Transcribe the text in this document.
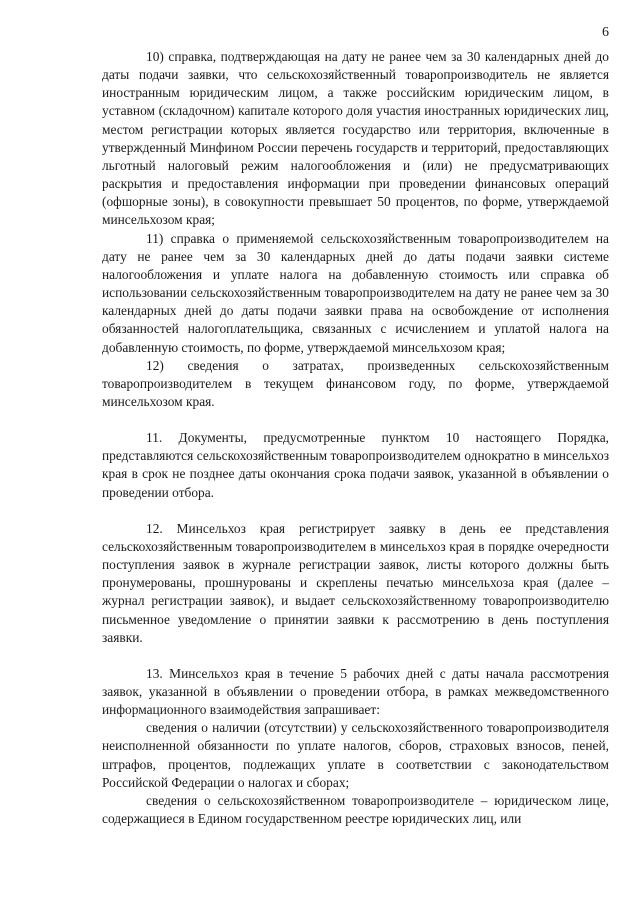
6

10) справка, подтверждающая на дату не ранее чем за 30 календарных дней до даты подачи заявки, что сельскохозяйственный товаропроизводитель не является иностранным юридическим лицом, а также российским юридическим лицом, в уставном (складочном) капитале которого доля участия иностранных юридических лиц, местом регистрации которых является государство или территория, включенные в утвержденный Минфином России перечень государств и территорий, предоставляющих льготный налоговый режим налогообложения и (или) не предусматривающих раскрытия и предоставления информации при проведении финансовых операций (офшорные зоны), в совокупности превышает 50 процентов, по форме, утверждаемой минсельхозом края;

11) справка о применяемой сельскохозяйственным товаропроизводителем на дату не ранее чем за 30 календарных дней до даты подачи заявки системе налогообложения и уплате налога на добавленную стоимость или справка об использовании сельскохозяйственным товаропроизводителем на дату не ранее чем за 30 календарных дней до даты подачи заявки права на освобождение от исполнения обязанностей налогоплательщика, связанных с исчислением и уплатой налога на добавленную стоимость, по форме, утверждаемой минсельхозом края;

12) сведения о затратах, произведенных сельскохозяйственным товаропроизводителем в текущем финансовом году, по форме, утверждаемой минсельхозом края.

11. Документы, предусмотренные пунктом 10 настоящего Порядка, представляются сельскохозяйственным товаропроизводителем однократно в минсельхоз края в срок не позднее даты окончания срока подачи заявок, указанной в объявлении о проведении отбора.

12. Минсельхоз края регистрирует заявку в день ее представления сельскохозяйственным товаропроизводителем в минсельхоз края в порядке очередности поступления заявок в журнале регистрации заявок, листы которого должны быть пронумерованы, прошнурованы и скреплены печатью минсельхоза края (далее – журнал регистрации заявок), и выдает сельскохозяйственному товаропроизводителю письменное уведомление о принятии заявки к рассмотрению в день поступления заявки.

13. Минсельхоз края в течение 5 рабочих дней с даты начала рассмотрения заявок, указанной в объявлении о проведении отбора, в рамках межведомственного информационного взаимодействия запрашивает:

сведения о наличии (отсутствии) у сельскохозяйственного товаропроизводителя неисполненной обязанности по уплате налогов, сборов, страховых взносов, пеней, штрафов, процентов, подлежащих уплате в соответствии с законодательством Российской Федерации о налогах и сборах;

сведения о сельскохозяйственном товаропроизводителе – юридическом лице, содержащиеся в Едином государственном реестре юридических лиц, или
